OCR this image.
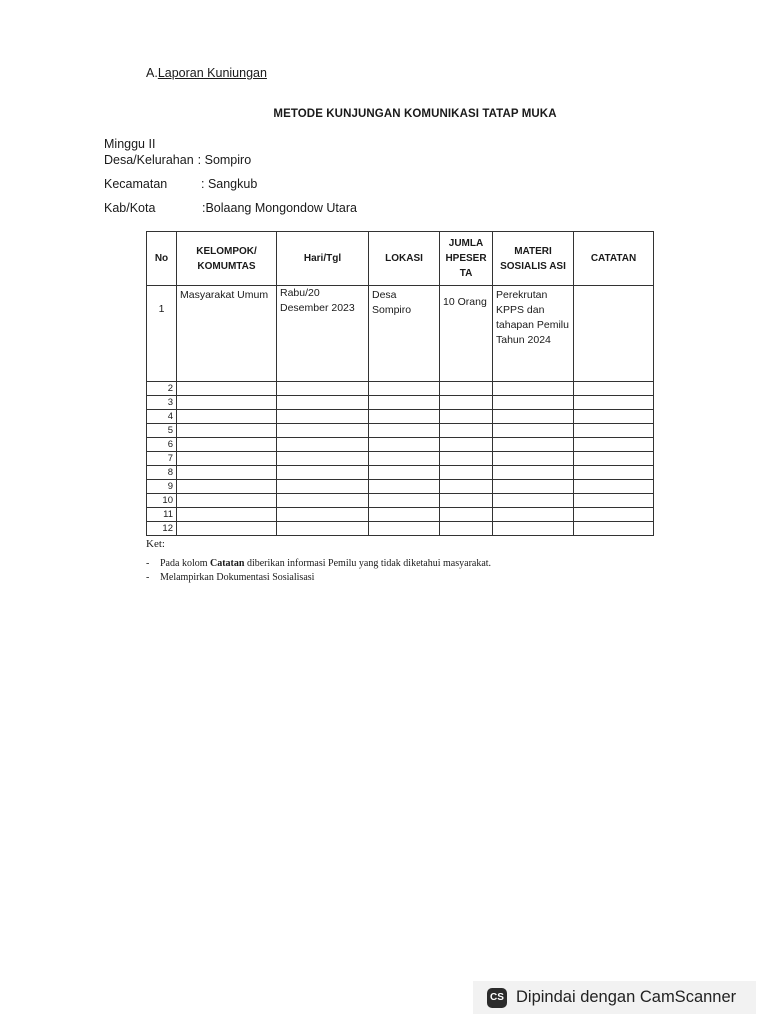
A.Laporan Kuniungan
METODE KUNJUNGAN KOMUNIKASI TATAP MUKA
Minggu II
Desa/Kelurahan : Sompiro
Kecamatan	: Sangkub
Kab/Kota	:Bolaang Mongondow Utara
No	KELOMPOK/ KOMUMTAS	Hari/Tgl	LOKASI	JUMLA HPESER TA	MATERI SOSIALIS ASI	CATATAN
1	Masyarakat Umum	Rabu/20 Desember 2023	Desa Sompiro	10 Orang	Perekrutan KPPS dan tahapan Pemilu Tahun 2024	
2						
3						
4						
5						
6						
7						
8						
9						
10						
11						
12						
Ket:
- Pada kolom Catatan diberikan informasi Pemilu yang tidak diketahui masyarakat.
- Melampirkan Dokumentasi Sosialisasi
CS Dipindai dengan CamScanner
